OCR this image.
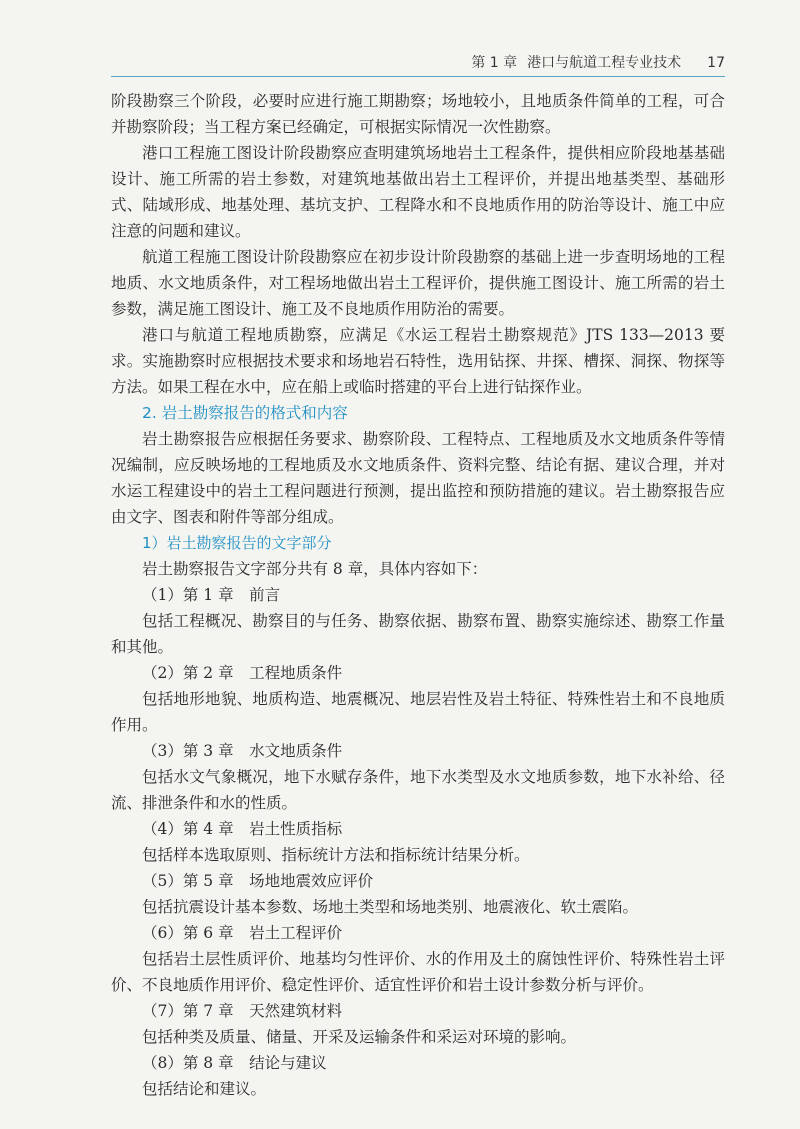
第 1 章 港口与航道工程专业技术 17

阶段勘察三个阶段，必要时应进行施工期勘察；场地较小，且地质条件简单的工程，可合并勘察阶段；当工程方案已经确定，可根据实际情况一次性勘察。

港口工程施工图设计阶段勘察应查明建筑场地岩土工程条件，提供相应阶段地基基础设计、施工所需的岩土参数，对建筑地基做出岩土工程评价，并提出地基类型、基础形式、陆域形成、地基处理、基坑支护、工程降水和不良地质作用的防治等设计、施工中应注意的问题和建议。

航道工程施工图设计阶段勘察应在初步设计阶段勘察的基础上进一步查明场地的工程地质、水文地质条件，对工程场地做出岩土工程评价，提供施工图设计、施工所需的岩土参数，满足施工图设计、施工及不良地质作用防治的需要。

港口与航道工程地质勘察，应满足《水运工程岩土勘察规范》JTS 133—2013 要求。实施勘察时应根据技术要求和场地岩石特性，选用钻探、井探、槽探、洞探、物探等方法。如果工程在水中，应在船上或临时搭建的平台上进行钻探作业。

2. 岩土勘察报告的格式和内容

岩土勘察报告应根据任务要求、勘察阶段、工程特点、工程地质及水文地质条件等情况编制，应反映场地的工程地质及水文地质条件、资料完整、结论有据、建议合理，并对水运工程建设中的岩土工程问题进行预测，提出监控和预防措施的建议。岩土勘察报告应由文字、图表和附件等部分组成。

1）岩土勘察报告的文字部分

岩土勘察报告文字部分共有 8 章，具体内容如下：

（1）第 1 章　前言

包括工程概况、勘察目的与任务、勘察依据、勘察布置、勘察实施综述、勘察工作量和其他。

（2）第 2 章　工程地质条件

包括地形地貌、地质构造、地震概况、地层岩性及岩土特征、特殊性岩土和不良地质作用。

（3）第 3 章　水文地质条件

包括水文气象概况，地下水赋存条件，地下水类型及水文地质参数，地下水补给、径流、排泄条件和水的性质。

（4）第 4 章　岩土性质指标

包括样本选取原则、指标统计方法和指标统计结果分析。

（5）第 5 章　场地地震效应评价

包括抗震设计基本参数、场地土类型和场地类别、地震液化、软土震陷。

（6）第 6 章　岩土工程评价

包括岩土层性质评价、地基均匀性评价、水的作用及土的腐蚀性评价、特殊性岩土评价、不良地质作用评价、稳定性评价、适宜性评价和岩土设计参数分析与评价。

（7）第 7 章　天然建筑材料

包括种类及质量、储量、开采及运输条件和采运对环境的影响。

（8）第 8 章　结论与建议

包括结论和建议。
